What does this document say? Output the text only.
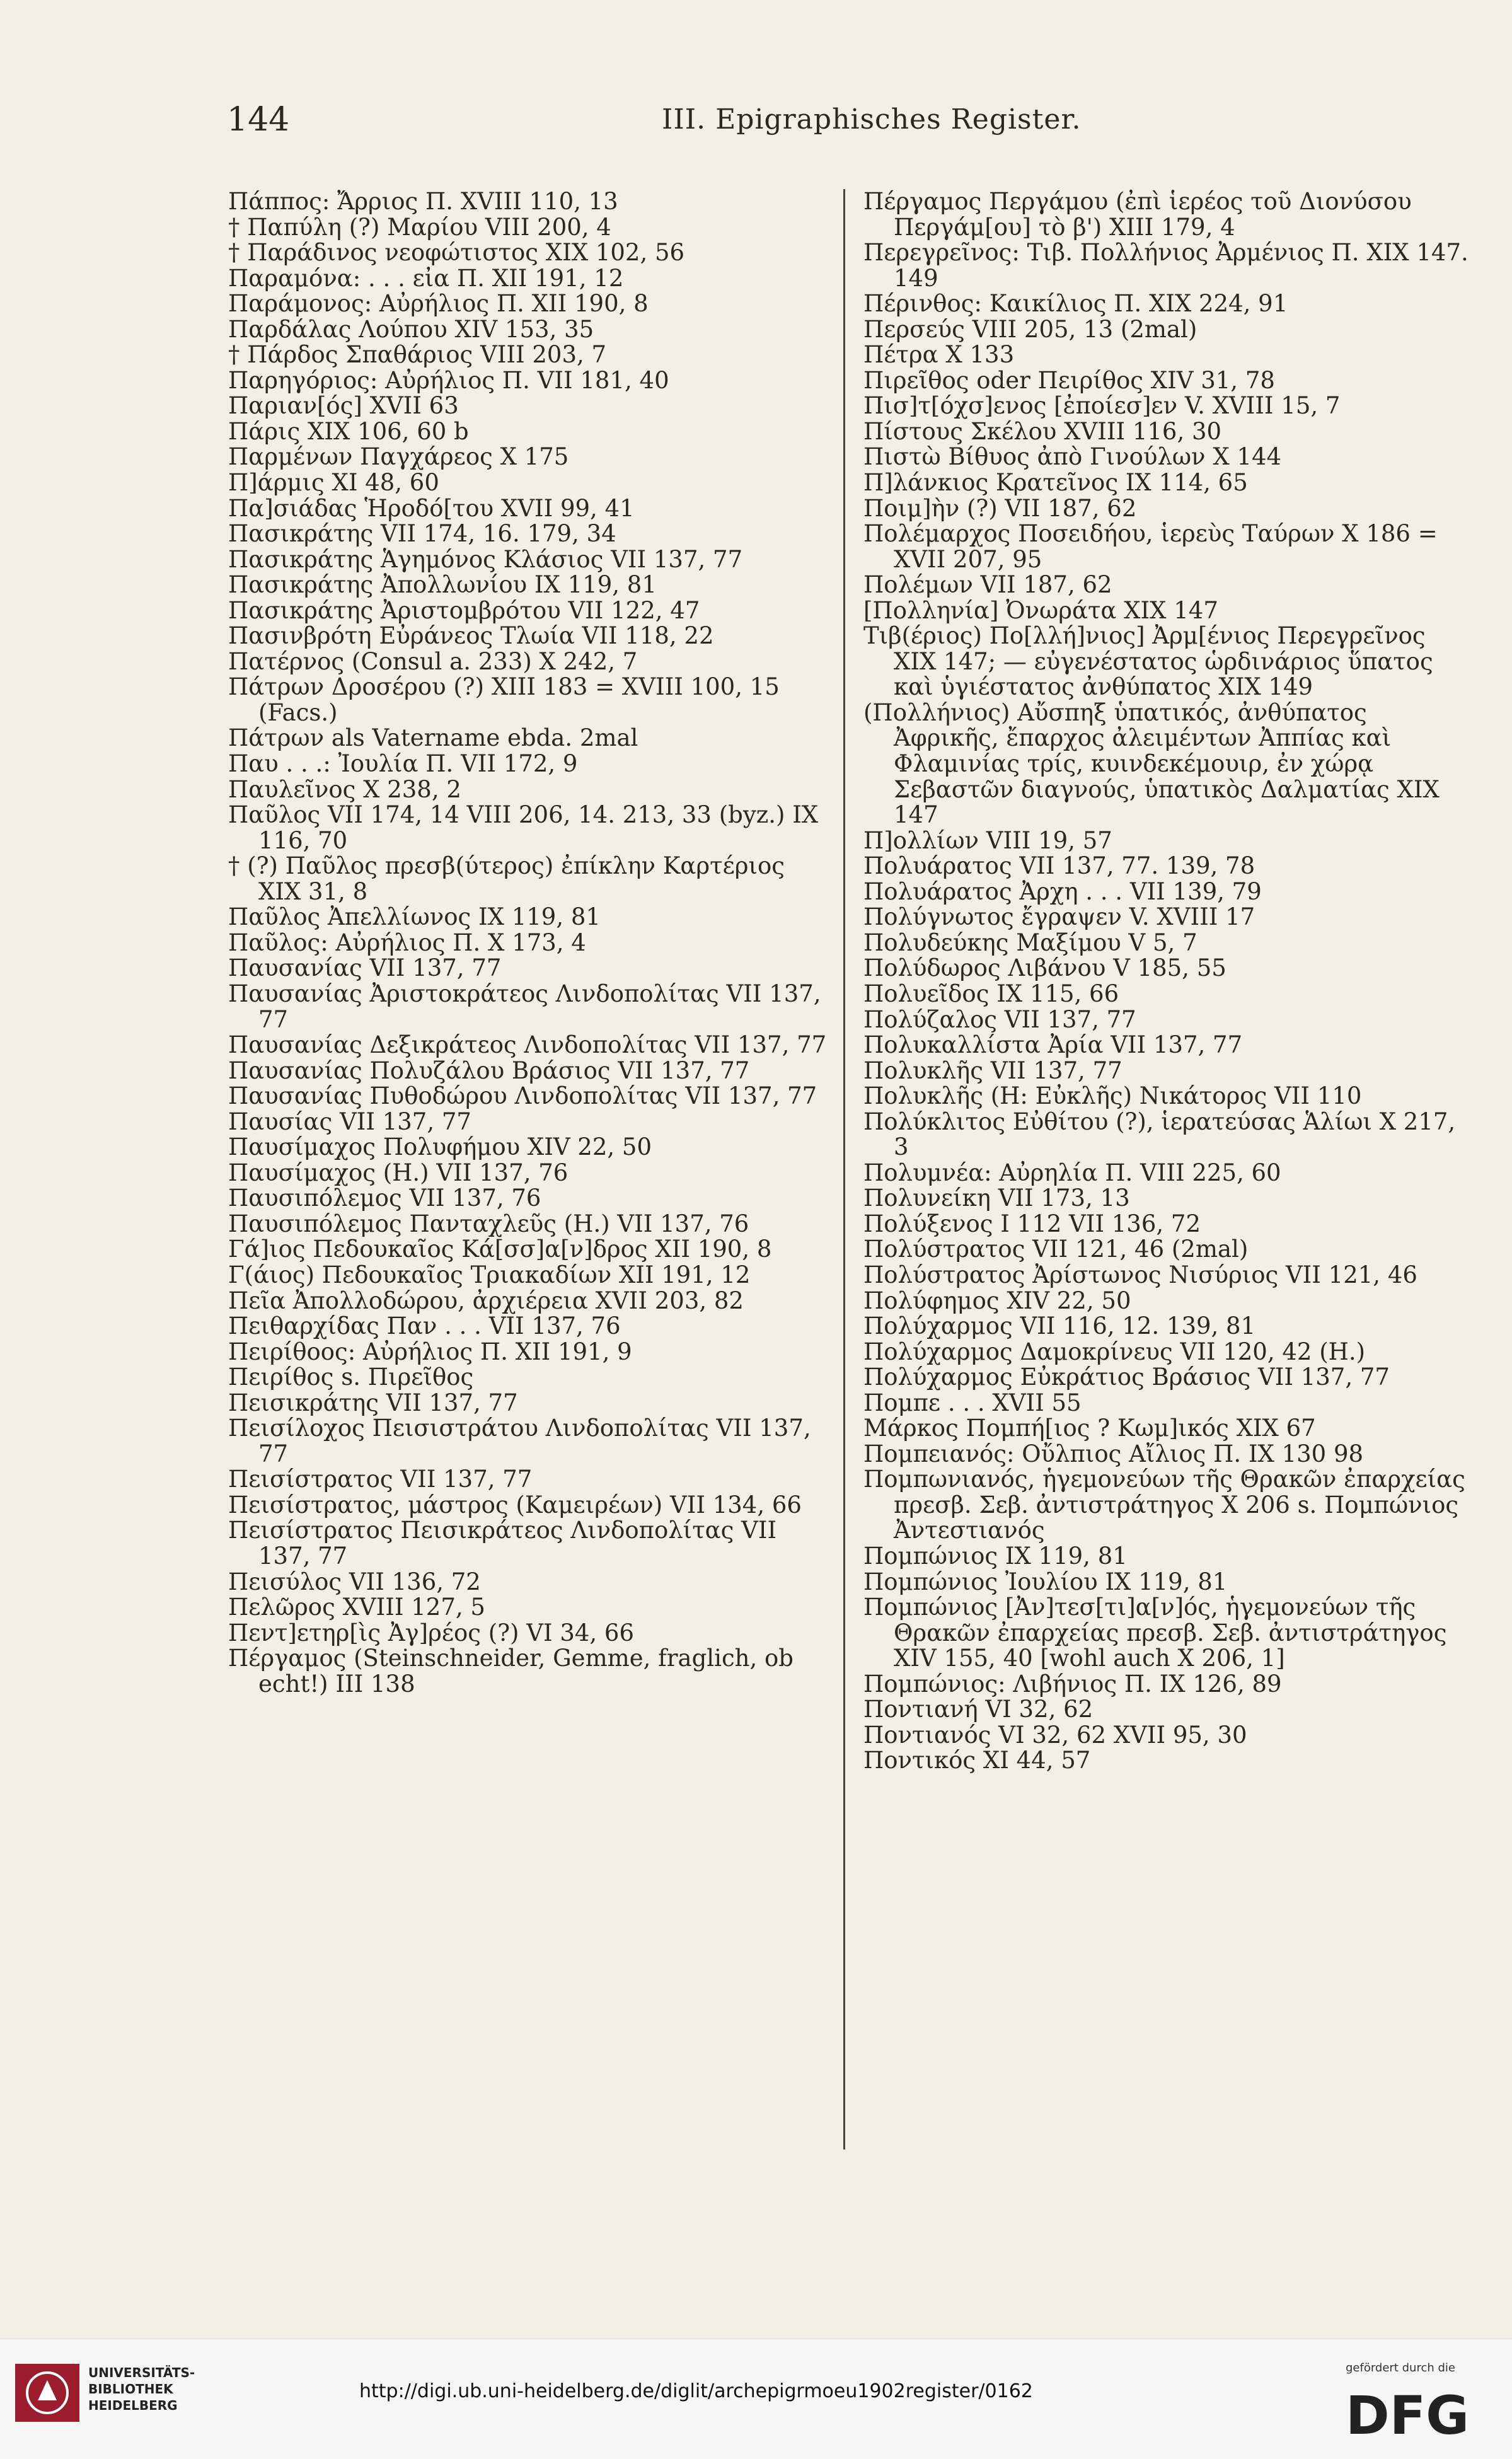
144	III. Epigraphisches Register.

Πάππος: Ἄρριος Π. XVIII 110, 13

† Παπύλη (?) Μαρίου VIII 200, 4

† Παράδινος νεοφώτιστος XIX 102, 56

Παραμόνα: . . . εἰα Π. XII 191, 12

Παράμονος: Αὐρήλιος Π. XII 190, 8

Παρδάλας Λούπου XIV 153, 35

† Πάρδος Σπαθάριος VIII 203, 7

Παρηγόριος: Αὐρήλιος Π. VII 181, 40

Παριαν[ός] XVII 63

Πάρις XIX 106, 60 b

Παρμένων Παγχάρεος X 175

Π]άρμις XI 48, 60

Πα]σιάδας Ἡροδό[του XVII 99, 41

Πασικράτης VII 174, 16. 179, 34

Πασικράτης Ἁγημόνος Κλάσιος VII 137, 77

Πασικράτης Ἀπολλωνίου IX 119, 81

Πασικράτης Ἀριστομβρότου VII 122, 47

Πασινβρότη Εὐράνεος Τλωία VII 118, 22

Πατέρνος (Consul a. 233) X 242, 7

Πάτρων Δροσέρου (?) XIII 183 = XVIII 100, 15 (Facs.)

Πάτρων als Vatername ebda. 2mal

Παυ . . .: Ἰουλία Π. VII 172, 9

Παυλεῖνος X 238, 2

Παῦλος VII 174, 14 VIII 206, 14. 213, 33 (byz.) IX 116, 70

† (?) Παῦλος πρεσβ(ύτερος) ἐπίκλην Καρτέριος XIX 31, 8

Παῦλος Ἀπελλίωνος IX 119, 81

Παῦλος: Αὐρήλιος Π. X 173, 4

Παυσανίας VII 137, 77

Παυσανίας Ἀριστοκράτεος Λινδοπολίτας VII 137, 77

Παυσανίας Δεξικράτεος Λινδοπολίτας VII 137, 77

Παυσανίας Πολυζάλου Βράσιος VII 137, 77

Παυσανίας Πυθοδώρου Λινδοπολίτας VII 137, 77

Παυσίας VII 137, 77

Παυσίμαχος Πολυφήμου XIV 22, 50

Παυσίμαχος (Η.) VII 137, 76

Παυσιπόλεμος VII 137, 76

Παυσιπόλεμος Πανταχλεῦς (Η.) VII 137, 76

Γά]ιος Πεδουκαῖος Κά[σσ]α[ν]δρος XII 190, 8

Γ(άιος) Πεδουκαῖος Τριακαδίων XII 191, 12

Πεῖα Ἀπολλοδώρου, ἀρχιέρεια XVII 203, 82

Πειθαρχίδας Παν . . . VII 137, 76

Πειρίθοος: Αὐρήλιος Π. XII 191, 9

Πειρίθος s. Πιρεῖθος

Πεισικράτης VII 137, 77

Πεισίλοχος Πεισιστράτου Λινδοπολίτας VII 137, 77

Πεισίστρατος VII 137, 77

Πεισίστρατος, μάστρος (Καμειρέων) VII 134, 66

Πεισίστρατος Πεισικράτεος Λινδοπολίτας VII 137, 77

Πεισύλος VII 136, 72

Πελῶρος XVIII 127, 5

Πεντ]ετηρ[ὶς Ἀγ]ρέος (?) VI 34, 66

Πέργαμος (Steinschneider, Gemme, fraglich, ob echt!) III 138

Πέργαμος Περγάμου (ἐπὶ ἱερέος τοῦ Διονύσου Περγάμ[ου] τὸ β') XIII 179, 4

Περεγρεῖνος: Τιβ. Πολλήνιος Ἀρμένιος Π. XIX 147. 149

Πέρινθος: Καικίλιος Π. XIX 224, 91

Περσεύς VIII 205, 13 (2mal)

Πέτρα X 133

Πιρεῖθος oder Πειρίθος XIV 31, 78

Πισ]τ[όχσ]ενος [ἐποίεσ]εν V. XVIII 15, 7

Πίστους Σκέλου XVIII 116, 30

Πιστὼ Βίθυος ἀπὸ Γινούλων X 144

Π]λάνκιος Κρατεῖνος IX 114, 65

Ποιμ]ὴν (?) VII 187, 62

Πολέμαρχος Ποσειδήου, ἱερεὺς Ταύρων X 186 = XVII 207, 95

Πολέμων VII 187, 62

[Πολληνία] Ὀνωράτα XIX 147

Τιβ(έριος) Πο[λλή]νιος] Ἀρμ[ένιος Περεγρεῖνος XIX 147; — εὐγενέστατος ὡρδινάριος ὕπατος καὶ ὑγιέστατος ἀνθύπατος XIX 149

(Πολλήνιος) Αὔσπηξ ὑπατικός, ἀνθύπατος Ἀφρικῆς, ἔπαρχος ἀλειμέντων Ἀππίας καὶ Φλαμινίας τρίς, κυινδεκέμουιρ, ἐν χώρᾳ Σεβαστῶν διαγνούς, ὑπατικὸς Δαλματίας XIX 147

Π]ολλίων VIII 19, 57

Πολυάρατος VII 137, 77. 139, 78

Πολυάρατος Ἀρχη . . . VII 139, 79

Πολύγνωτος ἔγραψεν V. XVIII 17

Πολυδεύκης Μαξίμου V 5, 7

Πολύδωρος Λιβάνου V 185, 55

Πολυεῖδος IX 115, 66

Πολύζαλος VII 137, 77

Πολυκαλλίστα Ἀρία VII 137, 77

Πολυκλῆς VII 137, 77

Πολυκλῆς (H: Εὐκλῆς) Νικάτορος VII 110

Πολύκλιτος Εὐθίτου (?), ἱερατεύσας Ἁλίωι X 217, 3

Πολυμνέα: Αὐρηλία Π. VIII 225, 60

Πολυνείκη VII 173, 13

Πολύξενος I 112 VII 136, 72

Πολύστρατος VII 121, 46 (2mal)

Πολύστρατος Ἀρίστωνος Νισύριος VII 121, 46

Πολύφημος XIV 22, 50

Πολύχαρμος VII 116, 12. 139, 81

Πολύχαρμος Δαμοκρίνευς VII 120, 42 (H.)

Πολύχαρμος Εὐκράτιος Βράσιος VII 137, 77

Πομπε . . . XVII 55

Μάρκος Πομπή[ιος ? Κωμ]ικός XIX 67

Πομπειανός: Οὔλπιος Αἴλιος Π. IX 130 98

Πομπωνιανός, ἡγεμονεύων τῆς Θρακῶν ἐπαρχείας πρεσβ. Σεβ. ἀντιστράτηγος X 206 s. Πομπώνιος Ἀντεστιανός

Πομπώνιος IX 119, 81

Πομπώνιος Ἰουλίου IX 119, 81

Πομπώνιος [Ἀν]τεσ[τι]α[ν]ός, ἡγεμονεύων τῆς Θρακῶν ἐπαρχείας πρεσβ. Σεβ. ἀντιστράτηγος XIV 155, 40 [wohl auch X 206, 1]

Πομπώνιος: Λιβήνιος Π. IX 126, 89

Ποντιανή VI 32, 62

Ποντιανός VI 32, 62 XVII 95, 30

Ποντικός XI 44, 57

UNIVERSITÄTS-
BIBLIOTHEK
HEIDELBERG
http://digi.ub.uni-heidelberg.de/diglit/archepigrmoeu1902register/0162
gefördert durch die
DFG
